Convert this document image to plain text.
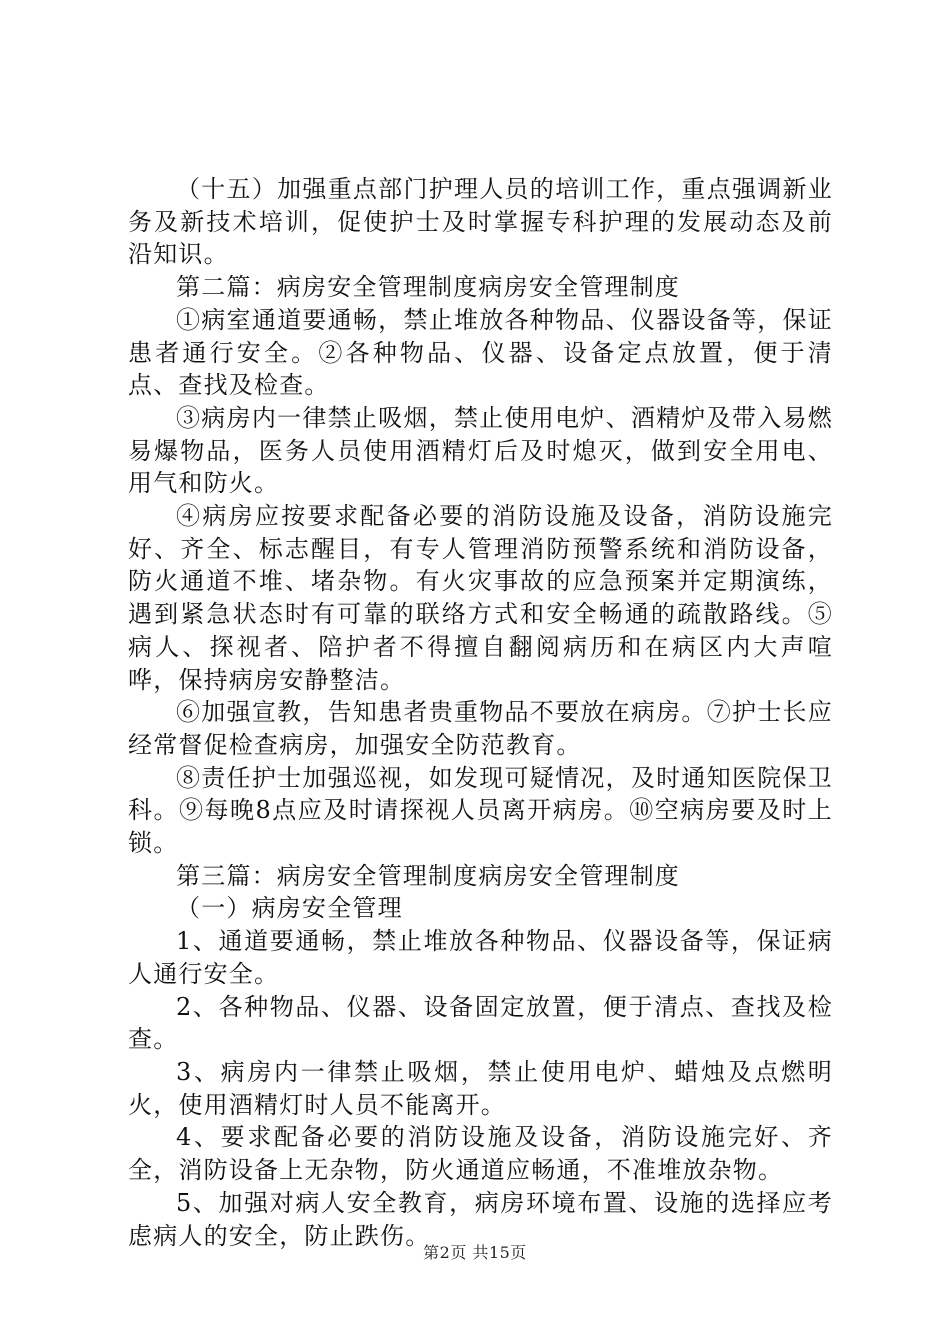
（十五）加强重点部门护理人员的培训工作，重点强调新业务及新技术培训，促使护士及时掌握专科护理的发展动态及前沿知识。

第二篇：病房安全管理制度病房安全管理制度

①病室通道要通畅，禁止堆放各种物品、仪器设备等，保证患者通行安全。②各种物品、仪器、设备定点放置，便于清点、查找及检查。

③病房内一律禁止吸烟，禁止使用电炉、酒精炉及带入易燃易爆物品，医务人员使用酒精灯后及时熄灭，做到安全用电、用气和防火。

④病房应按要求配备必要的消防设施及设备，消防设施完好、齐全、标志醒目，有专人管理消防预警系统和消防设备，防火通道不堆、堵杂物。有火灾事故的应急预案并定期演练，遇到紧急状态时有可靠的联络方式和安全畅通的疏散路线。⑤病人、探视者、陪护者不得擅自翻阅病历和在病区内大声喧哗，保持病房安静整洁。

⑥加强宣教，告知患者贵重物品不要放在病房。⑦护士长应经常督促检查病房，加强安全防范教育。

⑧责任护士加强巡视，如发现可疑情况，及时通知医院保卫科。⑨每晚8点应及时请探视人员离开病房。⑩空病房要及时上锁。

第三篇：病房安全管理制度病房安全管理制度

（一）病房安全管理

1、通道要通畅，禁止堆放各种物品、仪器设备等，保证病人通行安全。

2、各种物品、仪器、设备固定放置，便于清点、查找及检查。

3、病房内一律禁止吸烟，禁止使用电炉、蜡烛及点燃明火，使用酒精灯时人员不能离开。

4、要求配备必要的消防设施及设备，消防设施完好、齐全，消防设备上无杂物，防火通道应畅通，不准堆放杂物。

5、加强对病人安全教育，病房环境布置、设施的选择应考虑病人的安全，防止跌伤。

第2页 共15页
